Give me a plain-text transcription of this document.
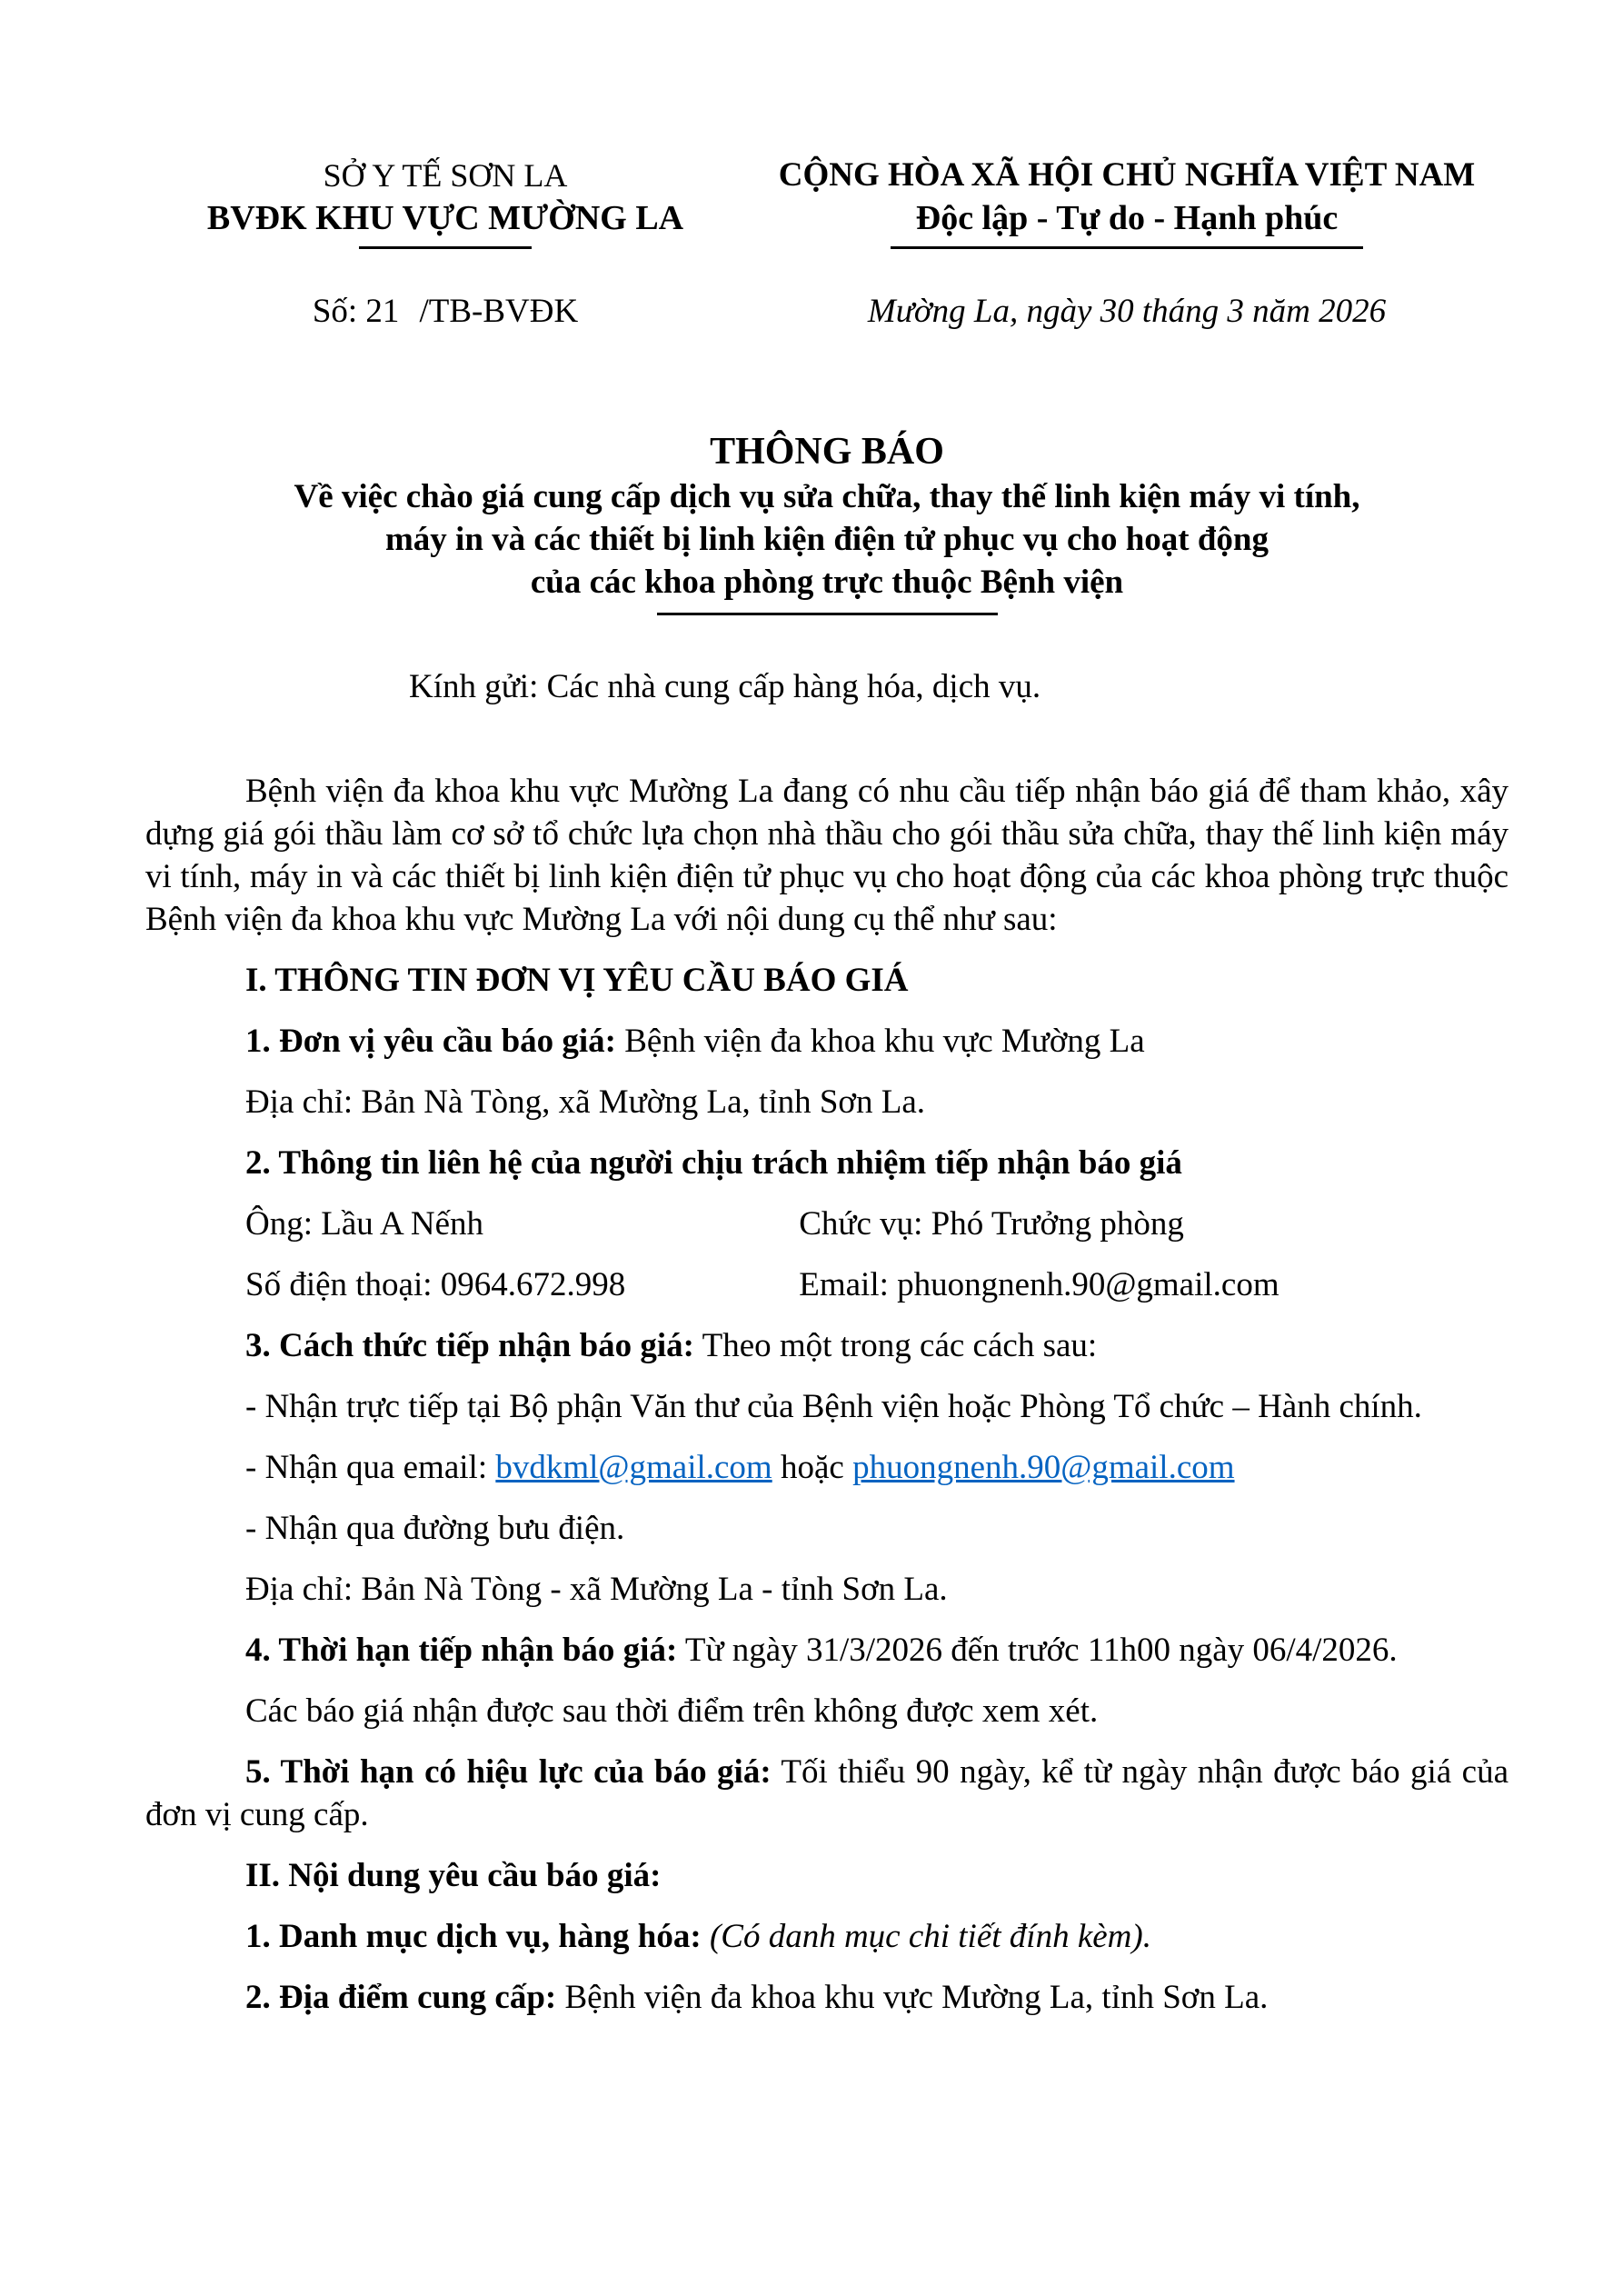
SỞ Y TẾ SƠN LA
BVĐK KHU VỰC MƯỜNG LA
CỘNG HÒA XÃ HỘI CHỦ NGHĨA VIỆT NAM
Độc lập - Tự do - Hạnh phúc
Số: 21 /TB-BVĐK	Mường La, ngày 30 tháng 3 năm 2026
THÔNG BÁO
Về việc chào giá cung cấp dịch vụ sửa chữa, thay thế linh kiện máy vi tính,
máy in và các thiết bị linh kiện điện tử phục vụ cho hoạt động
của các khoa phòng trực thuộc Bệnh viện
Kính gửi: Các nhà cung cấp hàng hóa, dịch vụ.

Bệnh viện đa khoa khu vực Mường La đang có nhu cầu tiếp nhận báo giá để tham khảo, xây dựng giá gói thầu làm cơ sở tổ chức lựa chọn nhà thầu cho gói thầu sửa chữa, thay thế linh kiện máy vi tính, máy in và các thiết bị linh kiện điện tử phục vụ cho hoạt động của các khoa phòng trực thuộc Bệnh viện đa khoa khu vực Mường La với nội dung cụ thể như sau:

I. THÔNG TIN ĐƠN VỊ YÊU CẦU BÁO GIÁ

1. Đơn vị yêu cầu báo giá: Bệnh viện đa khoa khu vực Mường La

Địa chỉ: Bản Nà Tòng, xã Mường La, tỉnh Sơn La.

2. Thông tin liên hệ của người chịu trách nhiệm tiếp nhận báo giá

Ông: Lầu A Nếnh	Chức vụ: Phó Trưởng phòng
Số điện thoại: 0964.672.998	Email: phuongnenh.90@gmail.com

3. Cách thức tiếp nhận báo giá: Theo một trong các cách sau:

- Nhận trực tiếp tại Bộ phận Văn thư của Bệnh viện hoặc Phòng Tổ chức – Hành chính.

- Nhận qua email: bvdkml@gmail.com hoặc phuongnenh.90@gmail.com

- Nhận qua đường bưu điện.

Địa chỉ: Bản Nà Tòng - xã Mường La - tỉnh Sơn La.

4. Thời hạn tiếp nhận báo giá: Từ ngày 31/3/2026 đến trước 11h00 ngày 06/4/2026.

Các báo giá nhận được sau thời điểm trên không được xem xét.

5. Thời hạn có hiệu lực của báo giá: Tối thiểu 90 ngày, kể từ ngày nhận được báo giá của đơn vị cung cấp.

II. Nội dung yêu cầu báo giá:

1. Danh mục dịch vụ, hàng hóa: (Có danh mục chi tiết đính kèm).

2. Địa điểm cung cấp: Bệnh viện đa khoa khu vực Mường La, tỉnh Sơn La.
